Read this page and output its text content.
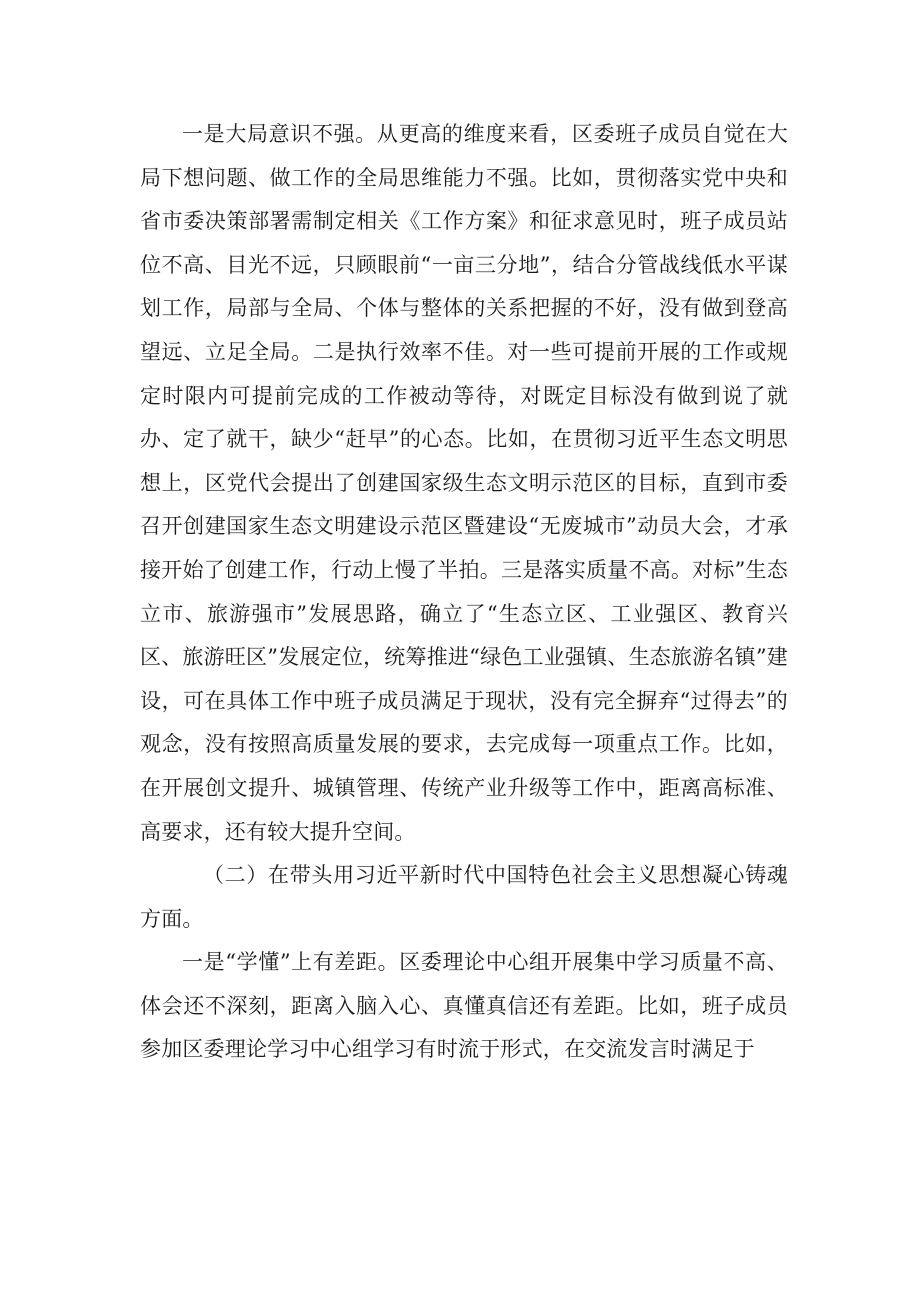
一是大局意识不强。从更高的维度来看，区委班子成员自觉在大局下想问题、做工作的全局思维能力不强。比如，贯彻落实党中央和省市委决策部署需制定相关《工作方案》和征求意见时，班子成员站位不高、目光不远，只顾眼前“一亩三分地”，结合分管战线低水平谋划工作，局部与全局、个体与整体的关系把握的不好，没有做到登高望远、立足全局。二是执行效率不佳。对一些可提前开展的工作或规定时限内可提前完成的工作被动等待，对既定目标没有做到说了就办、定了就干，缺少“赶早”的心态。比如，在贯彻习近平生态文明思想上，区党代会提出了创建国家级生态文明示范区的目标，直到市委召开创建国家生态文明建设示范区暨建设“无废城市”动员大会，才承接开始了创建工作，行动上慢了半拍。三是落实质量不高。对标”生态立市、旅游强市”发展思路，确立了“生态立区、工业强区、教育兴区、旅游旺区”发展定位，统筹推进“绿色工业强镇、生态旅游名镇”建设，可在具体工作中班子成员满足于现状，没有完全摒弃“过得去”的观念，没有按照高质量发展的要求，去完成每一项重点工作。比如，在开展创文提升、城镇管理、传统产业升级等工作中，距离高标准、高要求，还有较大提升空间。

（二）在带头用习近平新时代中国特色社会主义思想凝心铸魂方面。

一是“学懂”上有差距。区委理论中心组开展集中学习质量不高、体会还不深刻，距离入脑入心、真懂真信还有差距。比如，班子成员参加区委理论学习中心组学习有时流于形式，在交流发言时满足于
